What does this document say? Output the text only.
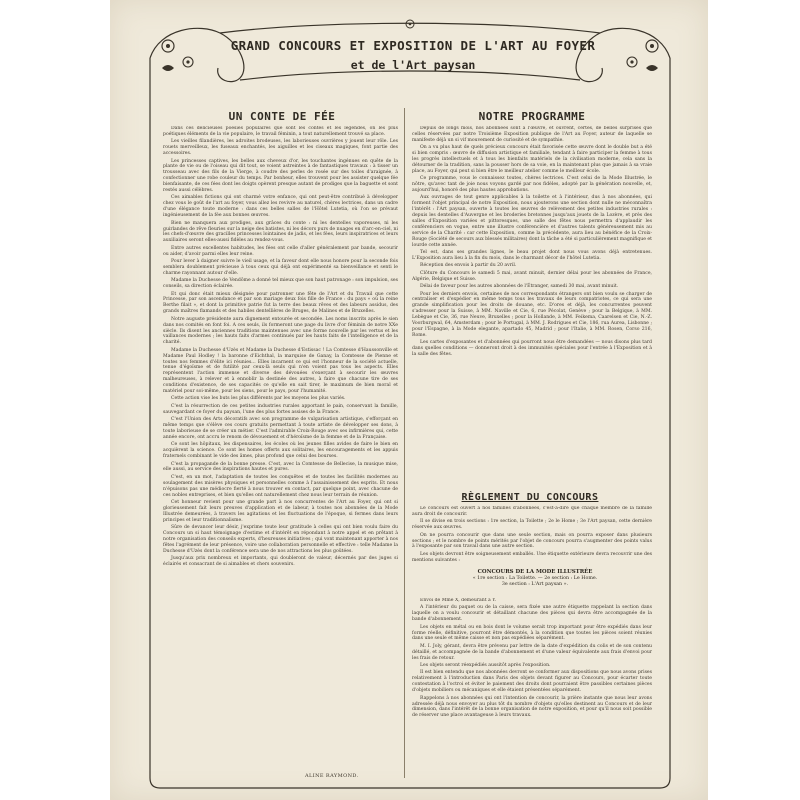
GRAND CONCOURS ET EXPOSITION DE L'ART AU FOYER
et de l'Art paysan
UN CONTE DE FÉE

Dans ces délicieuses poésies populaires que sont les contes et les légendes, on les plus poétiques éléments de la vie populaire, le travail féminin, a tout naturellement trouvé sa place.

Les vieilles filandières, les adroites brodeuses, les laborieuses ouvrières y jouent leur rôle. Les rouets merveilleux, les fuseaux enchantés, les aiguilles et les ciseaux magiques, font partie des accessoires.

Les princesses captives, les belles aux cheveux d'or, les touchantes ingénues en quête de la plante de vie ou de l'oiseau qui dit tout, se voient astreintes à de fantastiques travaux : à tisser un trousseau avec des fils de la Vierge, à coudre des perles de rosée sur des toiles d'araignée, à confectionner une robe couleur du temps. Par bonheur, elles trouvent pour les assister quelque fée bienfaisante, de ces fées dont les doigts opèrent presque autant de prodiges que la baguette et sont restés aussi célèbres.

Ces aimables fictions qui ont charmé votre enfance, qui ont peut-être contribué à développer chez vous le goût de l'art au foyer, vous allez les revivre au naturel, chères lectrices, dans un cadre d'une élégance toute moderne : dans ces belles salles de l'Hôtel Lutetia, où l'on se prévaut ingénieusement de la fée aux bonnes œuvres.

Bien ne manquera aux prodiges, aux grâces du conte : ni les dentelles vaporeuses, ni les guirlandes de rêve fleuries sur la neige des batistes, ni les décors purs de nuages en d'arc-en-ciel, ni les chefs-d'œuvre des gracilles princesses lointaines de jadis, et les fées, leurs inspiratrices et leurs auxiliaires seront elles-aussi fidèles au rendez-vous.

Entre autres excellentes habitudes, les fées ont celle d'aller généralement par bande, secourir ou aider, d'avoir parmi elles leur reine.

Pour lever à daigner suivre le vieil usage, et la faveur dont elle nous honore pour la seconde fois semblera doublement précieuse à tous ceux qui déjà ont expérimenté sa bienveillance et senti le charme rayonnant autour d'elle.

Madame la Duchesse de Vendôme a donné tel mieux que son haut patronage : son impulsion, ses conseils, sa direction éclairée.

Et qui donc était mieux désignée pour patronner une fête de l'Art et du Travail que cette Princesse, par son ascendance et par son mariage deux fois fille de France : du pays « où la reine Berthe filait », et dont la primitive patrie fut la terre des beaux rêves et des labeurs assidus, des grands maîtres flamands et des habiles dentellières de Bruges, de Malines et de Bruxelles.

Notre auguste présidente aura dignement entourée et secondée. Les noms inscrits après le sien dans nos comités en font foi. A ces seuls, ils formeront une page du livre d'or féminin de notre XXe siècle. Ils disent les anciennes traditions maintenues avec une forme nouvelle par les vertus et les vaillances modernes ; les hauts faits d'armes continués par les hauts faits de l'intelligence et de la charité.

Madame la Duchesse d'Uzès et Madame la Duchesse d'Estissac ! La Comtesse d'Haussonville et Madame Paul Hodley ! la baronne d'Eichthal, la marquise de Ganay, la Comtesse de Pienne et toutes nos femmes d'élite ici réunies... Elles incarnent ce qui est l'honneur de la société actuelle, tenue d'égoïsme et de futilité par ceux-là seuls qui n'en voient pas tous les aspects. Elles représentent l'action immense et diverse des dévouées s'exerçant à secourir les œuvres malheureuses, à relever et à ennoblir la destinée des autres, à faire que chacune tire de ses conditions d'existence, de ses capacités ce qu'elle en sait tirer, le maximum de bien moral et matériel pour soi-même, pour les siens, pour le pays, pour l'humanité.

Cette action vise les buts les plus différents par les moyens les plus variés.

C'est la résurrection de ces petites industries rurales apportant le pain, conservant la famille, sauvegardant ce foyer du paysan, l'une des plus fortes assises de la France.

C'est l'Union des Arts décoratifs avec son programme de vulgarisation artistique, s'efforçant en même temps que s'élève ces cours gratuits permettant à toute artiste de développer ses dons, à toute laborieuse de se créer un métier. C'est l'admirable Croix-Rouge avec ses infirmières qui, cette année encore, ont accru le renom de dévouement et d'héroïsme de la femme et de la Française.

Ce sont les hôpitaux, les dispensaires, les écoles où les jeunes filles avides de faire le bien en acquièrent la science. Ce sont les homes offerts aux solitaires, les encouragements et les appuis fraternels combinant le vide des âmes, plus profond que celui des bourses.

C'est la propagande de la bonne presse. C'est, avec la Comtesse de Bellecise, la musique mise, elle aussi, au service des inspirations hautes et pures.

C'est, en un mot, l'adaptation de toutes les conquêtes et de toutes les facilités modernes au soulagement des misères physiques et personnelles comme à l'assainissement des esprits. Et nous n'épuisons pas une médiocre fierté à nous trouver en contact, par quelque point, avec chacune de ces nobles entreprises, et bien qu'elles ont naturellement chez nous leur terrain de réunion.

Cet honneur revient pour une grande part à nos concurrentes de l'Art au Foyer, qui ont si glorieusement fait leurs preuves d'application et de labeur, à toutes nos abonnées de la Mode Illustrée demeurées, à travers les agitations et les fluctuations de l'époque, si fermes dans leurs principes et leur traditionnalisme.

Sûre de devancer leur désir, j'exprime toute leur gratitude à celles qui ont bien voulu faire du Concours un si haut témoignage d'estime et d'intérêt en répondant à notre appel et en prêtant à notre organisation des conseils experts, d'heureuses initiatives ; qui vont maintenant apporter à nos fêtes l'agrément de leur présence, voire une collaboration personnelle et effective : telle Madame la Duchesse d'Uzès dont la conférence sera une de nos attractions les plus goûtées.

Jusqu'aux prix nombreux et importants, qui doubleront de valeur, décernés par des juges si éclairés et consacrant de si aimables et chers souvenirs.

ALINE RAYMOND.
NOTRE PROGRAMME

Depuis de longs mois, nos abonnées sont à l'œuvre, et ouvrent, certes, de belles surprises que celles réservées par notre Troisième Exposition publique de l'Art au Foyer, auteur de laquelle se manifeste déjà un si vif mouvement de curiosité et de sympathie.

On a vu plus haut de quels précieux concours était favorisée cette œuvre dont le double but a été si bien compris : œuvre de diffusion artistique et familiale, tendant à faire participer la femme à tous les progrès intellectuels et à tous les bienfaits matériels de la civilisation moderne, cela sans la détourner de la tradition, sans la pousser hors de sa voie, en la maintenant plus que jamais à sa vraie place, au Foyer, qui peut si bien être le meilleur atelier comme le meilleur école.

Ce programme, vous le connaissez toutes, chères lectrices. C'est celui de la Mode Illustrée, le nôtre, qu'avec tant de joie nous voyons gardé par nos fidèles, adopté par la génération nouvelle, et, aujourd'hui, honoré des plus hautes approbations.

Aux ouvrages de tout genre applicables à la toilette et à l'intérieur, dus à nos abonnées, qui forment l'objet principal de notre Exposition, nous ajouterons une section dont nulle ne méconnaîtra l'intérêt : l'Art paysan, ouverte à toutes les œuvres de relèvement des petites industries rurales : depuis les dentelles d'Auvergne et les broderies bretonnes jusqu'aux jouets de la Lozère, et près des salles d'Exposition variées et pittoresques, une salle des fêtes nous permettra d'applaudir les conférenciers en vogue, entre une illustre conférencière et d'autres talents généreusement mis au service de la Charité : car cette Exposition, comme la précédente, aura lieu au bénéfice de la Croix-Rouge (Société de secours aux blessés militaires) dont la tâche a été si particulièrement magnifique et lourde cette année.

Tel est, dans ses grandes lignes, le beau projet dont nous vous avons déjà entretenues. L'Exposition aura lieu à la fin du mois, dans le charmant décor de l'hôtel Lutetia.

Réception des envois à partir du 20 avril.

Clôture du Concours le samedi 5 mai, avant minuit, dernier délai pour les abonnées de France, Algérie, Belgique et Suisse.

Délai de faveur pour les autres abonnées de l'Étranger, samedi 30 mai, avant minuit.

Pour les derniers envois, certaines de nos correspondants étrangers ont bien voulu se charger de centraliser et d'expédier en même temps tous les travaux de leurs compatriotes, ce qui sera une grande simplification pour les droits de douane, etc. D'ores et déjà, les concurrentes peuvent s'adresser pour la Suisse, à MM. Naville et Cie, 6, rue Pécolat, Genève ; pour la Belgique, à MM. Lebègue et Cie, 36, rue Neuve, Bruxelles ; pour la Hollande, à MM. Feikema, Caarelsen et Cie, N.-Z. Voorburgwal, 64, Amsterdam ; pour le Portugal, à MM. J. Rodrigues et Cie, 186, rua Aurea, Lisbonne ; pour l'Espagne, à la Mode elegante, apartado 45, Madrid ; pour l'Italie, à MM. Rosen, Corso 216, Rome.

Les cartes d'exposantes et d'abonnées qui pourront nous être demandées — nous disons plus tard dans quelles conditions — donneront droit à des immunités spéciales pour l'entrée à l'Exposition et à la salle des fêtes.

RÈGLEMENT DU CONCOURS

Le concours est ouvert à nos familles d'abonnées, c'est-à-dire que chaque membre de la famille aura droit de concourir.

Il se divise en trois sections : 1re section, la Toilette ; 2e le Home ; 3e l'Art paysan, cette dernière réservée aux œuvres.

On ne pourra concourir que dans une seule section, mais on pourra exposer dans plusieurs sections ; et le nombre de points mérités par l'objet de concours pourra s'augmenter des points valus à l'exposante par son travail dans une autre section.

Les objets devront être soigneusement emballés. Une étiquette extérieure devra recouvrir une des mentions suivantes :

CONCOURS DE LA MODE ILLUSTRÉE
« 1re section : La Toilette. — 2e section : Le Home.
3e section : L'Art paysan ».

Envoi de Mme X, demeurant à Y.

A l'intérieur du paquet ou de la caisse, sera fixée une autre étiquette rappelant la section dans laquelle on a voulu concourir et détaillant chacune des pièces qui devra être accompagnée de la bande d'abonnement.

Les objets en métal ou en bois dont le volume serait trop important pour être expédiés dans leur forme réelle, définitive, pourront être démontés, à la condition que toutes les pièces soient réunies dans une seule et même caisse et non pas expédiées séparément.

M. I. Joly, gérant, devra être prévenu par lettre de la date d'expédition du colis et de son contenu détaillé, et accompagnée de la bande d'abonnement et d'une valeur équivalente aux frais d'envoi pour les frais de retour.

Les objets seront réexpédiés aussitôt après l'exposition.

Il est bien entendu que nos abonnées devront se conformer aux dispositions que nous avons prises relativement à l'introduction dans Paris des objets devant figurer au Concours, pour écarter toute contestation à l'octroi et éviter le paiement des droits dont pourraient être passibles certaines pièces d'objets mobiliers ou mécaniques et elle étaient présentées séparément.

Rappelons à nos abonnées qui ont l'intention de concourir, la prière instante que nous leur avons adressée déjà nous envoyer au plus tôt du nombre d'objets qu'elles destinent au Concours et de leur dimension, dans l'intérêt de la bonne organisation de notre exposition, et pour qu'il nous soit possible de réserver une place avantageuse à leurs travaux.
